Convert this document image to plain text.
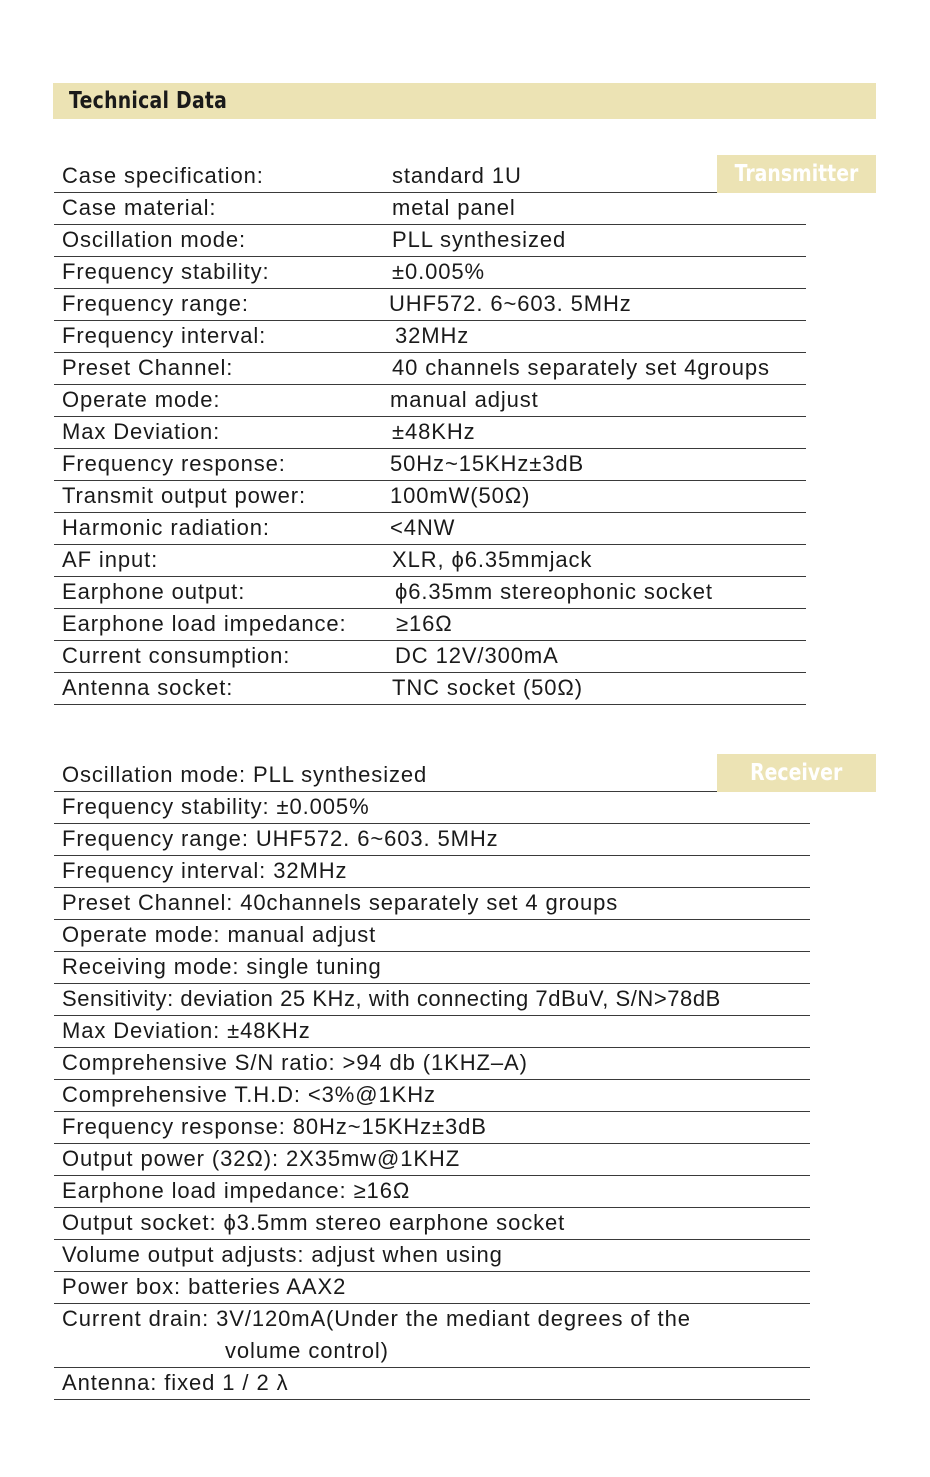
Technical Data
Transmitter
Case specification:	standard 1U
Case material:	metal panel
Oscillation mode:	PLL synthesized
Frequency stability:	±0.005%
Frequency range:	UHF572. 6~603. 5MHz
Frequency interval:	32MHz
Preset Channel:	40 channels separately set 4groups
Operate mode:	manual adjust
Max Deviation:	±48KHz
Frequency response:	50Hz~15KHz±3dB
Transmit output power:	100mW(50Ω)
Harmonic radiation:	<4NW
AF input:	XLR, ϕ6.35mmjack
Earphone output:	ϕ6.35mm stereophonic socket
Earphone load impedance: ≥16Ω
Current consumption:	DC 12V/300mA
Antenna socket:	TNC socket (50Ω)
Receiver
Oscillation mode: PLL synthesized
Frequency stability: ±0.005%
Frequency range: UHF572. 6~603. 5MHz
Frequency interval: 32MHz
Preset Channel: 40channels separately set 4 groups
Operate mode: manual adjust
Receiving mode: single tuning
Sensitivity: deviation 25 KHz, with connecting 7dBuV, S/N>78dB
Max Deviation: ±48KHz
Comprehensive S/N ratio: >94 db (1KHZ–A)
Comprehensive T.H.D: <3%@1KHz
Frequency response: 80Hz~15KHz±3dB
Output power (32Ω): 2X35mw@1KHZ
Earphone load impedance: ≥16Ω
Output socket: ϕ3.5mm stereo earphone socket
Volume output adjusts: adjust when using
Power box: batteries AAX2
Current drain: 3V/120mA(Under the mediant degrees of the
volume control)
Antenna: fixed 1 / 2 λ
